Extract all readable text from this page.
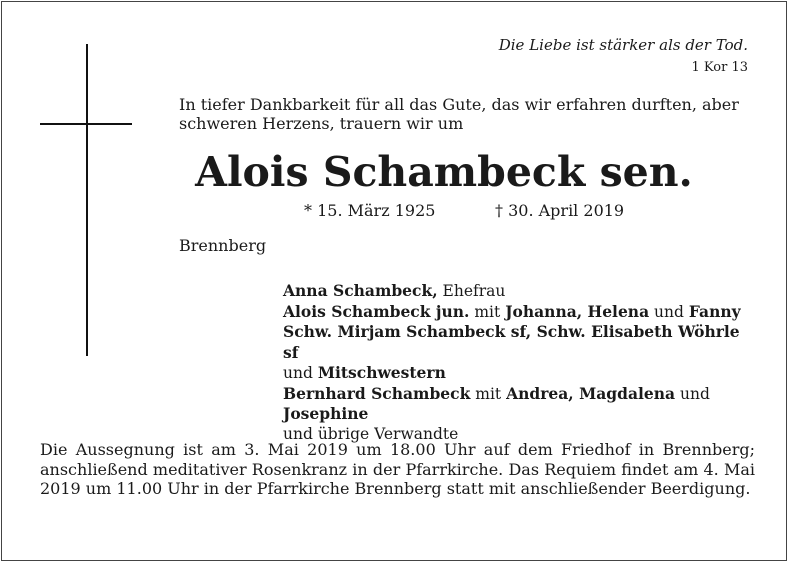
Die Liebe ist stärker als der Tod.

1 Kor 13

In tiefer Dankbarkeit für all das Gute, das wir erfahren durften, aber schweren Herzens, trauern wir um

Alois Schambeck sen.

* 15. März 1925	† 30. April 2019

Brennberg

Anna Schambeck, Ehefrau
Alois Schambeck jun. mit Johanna, Helena und Fanny
Schw. Mirjam Schambeck sf, Schw. Elisabeth Wöhrle sf
und Mitschwestern
Bernhard Schambeck mit Andrea, Magdalena und
Josephine
und übrige Verwandte

Die Aussegnung ist am 3. Mai 2019 um 18.00 Uhr auf dem Friedhof in Brennberg; anschließend meditativer Rosenkranz in der Pfarrkirche. Das Requiem findet am 4. Mai 2019 um 11.00 Uhr in der Pfarrkirche Brennberg statt mit anschließender Beerdigung.
